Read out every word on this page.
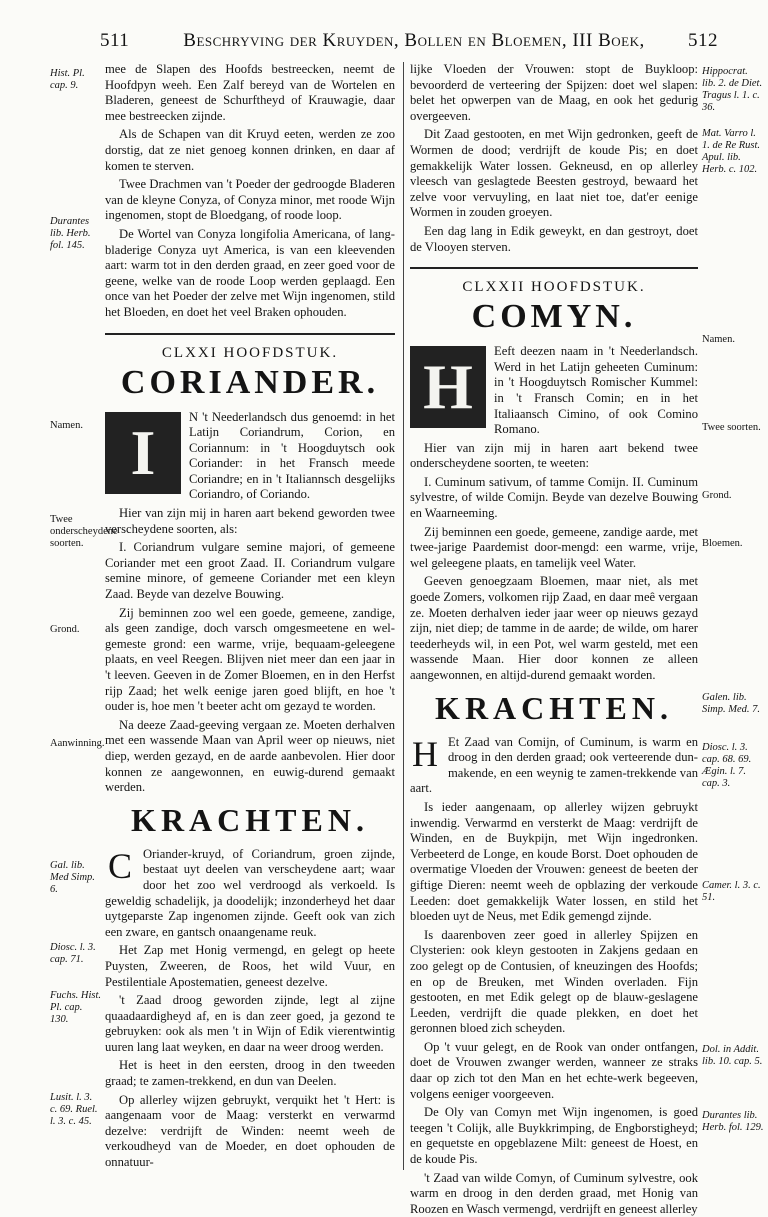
511	Beschryving der Kruyden, Bollen en Bloemen, III Boek,	512
Hist. Pl. cap. 9.
Durantes lib. Herb. fol. 145.
Namen.
Twee onderscheydene soorten.
Grond.
Aanwinning.
Gal. lib. Med Simp. 6.
Diosc. l. 3. cap. 71.
Fuchs. Hist. Pl. cap. 130.
Lusit. l. 3. c. 69. Ruel. l. 3. c. 45.

mee de Slapen des Hoofds bestreecken, neemt de Hoofdpyn weeh. Een Zalf bereyd van de Wortelen en Bladeren, geneest de Schurftheyd of Krauwagie, daar mee bestreecken zijnde.

Als de Schapen van dit Kruyd eeten, werden ze zoo dorstig, dat ze niet genoeg konnen drinken, en daar af komen te sterven.

Twee Drachmen van 't Poeder der gedroogde Bladeren van de kleyne Conyza, of Conyza minor, met roode Wijn ingenomen, stopt de Bloedgang, of roode loop.

De Wortel van Conyza longifolia Americana, of lang-bladerige Conyza uyt America, is van een kleevenden aart: warm tot in den derden graad, en zeer goed voor de geene, welke van de roode Loop werden geplaagd. Een once van het Poeder der zelve met Wijn ingenomen, stild het Bloeden, en doet het veel Braken ophouden.

CLXXI HOOFDSTUK.
CORIANDER.
I	N 't Neederlandsch dus genoemd: in het Latijn Coriandrum, Corion, en Coriannum: in 't Hoogduytsch ook Coriander: in het Fransch meede Coriandre; en in 't Italiannsch desgelijks Coriandro, of Coriando.

Hier van zijn mij in haren aart bekend geworden twee verscheydene soorten, als:

I. Coriandrum vulgare semine majori, of gemeene Coriander met een groot Zaad. II. Coriandrum vulgare semine minore, of gemeene Coriander met een kleyn Zaad. Beyde van dezelve Bouwing.

Zij beminnen zoo wel een goede, gemeene, zandige, als geen zandige, doch varsch omgesmeetene en wel-gemeste grond: een warme, vrije, bequaam-geleegene plaats, en veel Reegen. Blijven niet meer dan een jaar in 't leeven. Geeven in de Zomer Bloemen, en in den Herfst rijp Zaad; het welk eenige jaren goed blijft, en hoe 't ouder is, hoe men 't beeter acht om gezayd te worden.

Na deeze Zaad-geeving vergaan ze. Moeten derhalven met een wassende Maan van April weer op nieuws, niet diep, werden gezayd, en de aarde aanbevolen. Hier door konnen ze aangewonnen, en euwig-durend gemaakt werden.

KRACHTEN.
C Oriander-kruyd, of Coriandrum, groen zijnde, bestaat uyt deelen van verscheydene aart; waar door het zoo wel verdroogd als verkoeld. Is geweldig schadelijk, ja doodelijk; inzonderheyd het daar uytgeparste Zap ingenomen zijnde. Geeft ook van zich een zware, en gantsch onaangename reuk.

Het Zap met Honig vermengd, en gelegt op heete Puysten, Zweeren, de Roos, het wild Vuur, en Pestilentiale Apostematien, geneest dezelve.

't Zaad droog geworden zijnde, legt al zijne quaadaardigheyd af, en is dan zeer goed, ja gezond te gebruyken: ook als men 't in Wijn of Edik vierentwintig uuren lang laat weyken, en daar na weer droog werden.

Het is heet in den eersten, droog in den tweeden graad; te zamen-trekkend, en dun van Deelen.

Op allerley wijzen gebruykt, verquikt het 't Hert: is aangenaam voor de Maag: versterkt en verwarmd dezelve: verdrijft de Winden: neemt weeh de verkoudheyd van de Moeder, en doet ophouden de onnatuur-

lijke Vloeden der Vrouwen: stopt de Buykloop: bevoorderd de verteering der Spijzen: doet wel slapen: belet het opwerpen van de Maag, en ook het gedurig overgeeven.

Dit Zaad gestooten, en met Wijn gedronken, geeft de Wormen de dood; verdrijft de koude Pis; en doet gemakkelijk Water lossen. Gekneusd, en op allerley vleesch van geslagtede Beesten gestroyd, bewaard het zelve voor vervuyling, en laat niet toe, dat'er eenige Wormen in zouden groeyen.

Een dag lang in Edik geweykt, en dan gestroyt, doet de Vlooyen sterven.

CLXXII HOOFDSTUK.
COMYN.
H	Eeft deezen naam in 't Neederlandsch. Werd in het Latijn geheeten Cuminum: in 't Hoogduytsch Romischer Kummel: in 't Fransch Comin; en in het Italiaansch Cimino, of ook Comino Romano.

Hier van zijn mij in haren aart bekend twee onderscheydene soorten, te weeten:

I. Cuminum sativum, of tamme Comijn. II. Cuminum sylvestre, of wilde Comijn. Beyde van dezelve Bouwing en Waarneeming.

Zij beminnen een goede, gemeene, zandige aarde, met twee-jarige Paardemist door-mengd: een warme, vrije, wel geleegene plaats, en tamelijk veel Water.

Geeven genoegzaam Bloemen, maar niet, als met goede Zomers, volkomen rijp Zaad, en daar meê vergaan ze. Moeten derhalven ieder jaar weer op nieuws gezayd zijn, niet diep; de tamme in de aarde; de wilde, om harer teederheyds wil, in een Pot, wel warm gesteld, met een wassende Maan. Hier door konnen ze alleen aangewonnen, en altijd-durend gemaakt worden.

KRACHTEN.
H Et Zaad van Comijn, of Cuminum, is warm en droog in den derden graad; ook verteerende dun-makende, en een weynig te zamen-trekkende van aart.

Is ieder aangenaam, op allerley wijzen gebruykt inwendig. Verwarmd en versterkt de Maag: verdrijft de Winden, en de Buykpijn, met Wijn ingedronken. Verbeeterd de Longe, en koude Borst. Doet ophouden de overmatige Vloeden der Vrouwen: geneest de beeten der giftige Dieren: neemt weeh de opblazing der verkoude Leeden: doet gemakkelijk Water lossen, en stild het bloeden uyt de Neus, met Edik gemengd zijnde.

Is daarenboven zeer goed in allerley Spijzen en Clysterien: ook kleyn gestooten in Zakjens gedaan en zoo gelegt op de Contusien, of kneuzingen des Hoofds; en op de Breuken, met Winden overladen. Fijn gestooten, en met Edik gelegt op de blauw-geslagene Leeden, verdrijft die quade plekken, en doet het geronnen bloed zich scheyden.

Op 't vuur gelegt, en de Rook van onder ontfangen, doet de Vrouwen zwanger werden, wanneer ze straks daar op zich tot den Man en het echte-werk begeeven, volgens eeniger voorgeeven.

De Oly van Comyn met Wijn ingenomen, is goed teegen 't Colijk, alle Buykkrimping, de Engborstigheyd; en gequetste en opgeblazene Milt: geneest de Hoest, en de koude Pis.

't Zaad van wilde Comyn, of Cuminum sylvestre, ook warm en droog in den derden graad, met Honig van Roozen en Wasch vermengd, verdrijft en geneest allerley

Hippocrat. lib. 2. de Diet. Tragus l. 1. c. 36.
Mat. Varro l. 1. de Re Rust. Apul. lib. Herb. c. 102.
Namen.
Twee soorten.
Grond.
Bloemen.
Galen. lib. Simp. Med. 7.
Diosc. l. 3. cap. 68. 69. Ægin. l. 7. cap. 3.
Camer. l. 3. c. 51.
Dol. in Addit. lib. 10. cap. 5.
Durantes lib. Herb. fol. 129.
